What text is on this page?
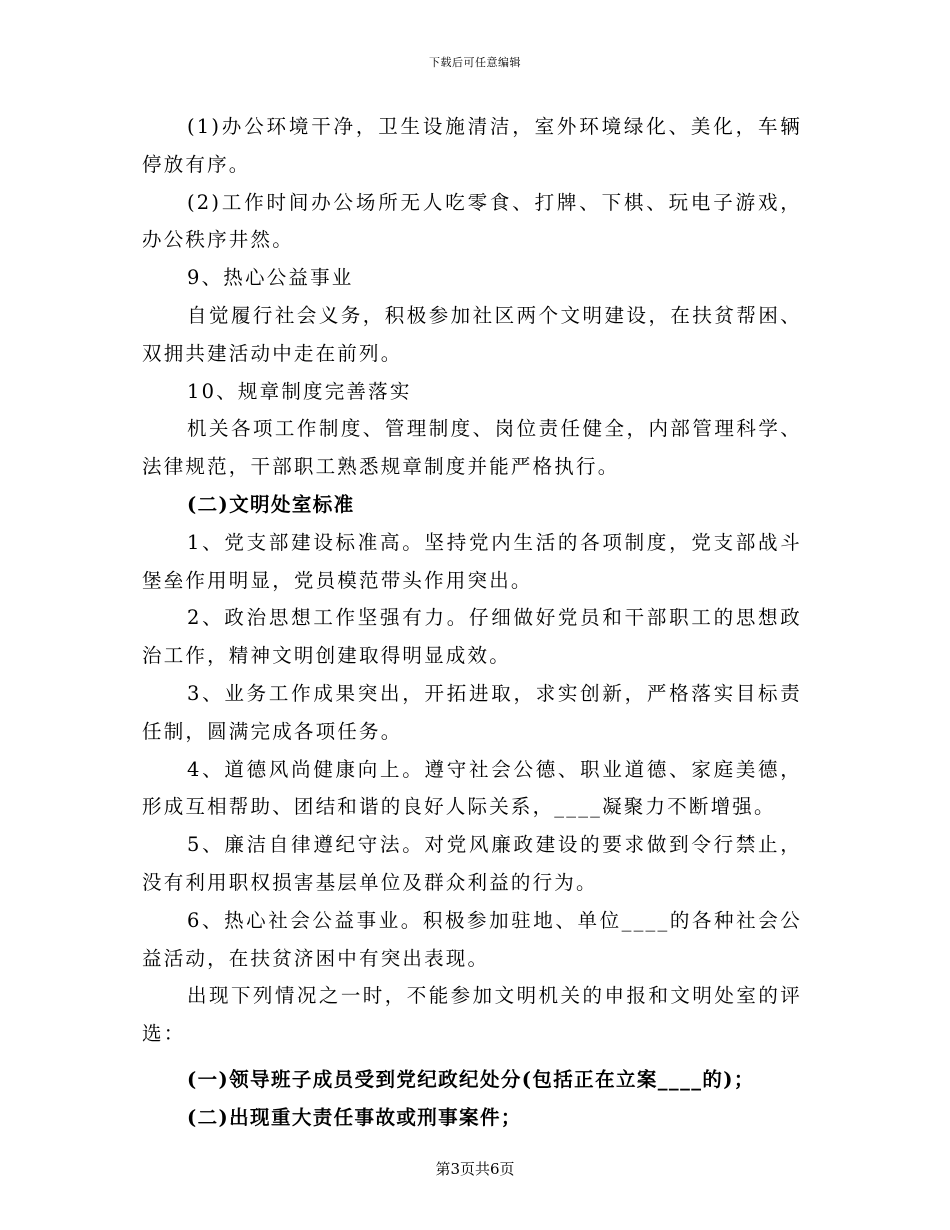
下载后可任意编辑

(1)办公环境干净，卫生设施清洁，室外环境绿化、美化，车辆停放有序。

(2)工作时间办公场所无人吃零食、打牌、下棋、玩电子游戏，办公秩序井然。

9、热心公益事业

自觉履行社会义务，积极参加社区两个文明建设，在扶贫帮困、双拥共建活动中走在前列。

10、规章制度完善落实

机关各项工作制度、管理制度、岗位责任健全，内部管理科学、法律规范，干部职工熟悉规章制度并能严格执行。

(二)文明处室标准

1、党支部建设标准高。坚持党内生活的各项制度，党支部战斗堡垒作用明显，党员模范带头作用突出。

2、政治思想工作坚强有力。仔细做好党员和干部职工的思想政治工作，精神文明创建取得明显成效。

3、业务工作成果突出，开拓进取，求实创新，严格落实目标责任制，圆满完成各项任务。

4、道德风尚健康向上。遵守社会公德、职业道德、家庭美德，形成互相帮助、团结和谐的良好人际关系，____凝聚力不断增强。

5、廉洁自律遵纪守法。对党风廉政建设的要求做到令行禁止，没有利用职权损害基层单位及群众利益的行为。

6、热心社会公益事业。积极参加驻地、单位____的各种社会公益活动，在扶贫济困中有突出表现。

出现下列情况之一时，不能参加文明机关的申报和文明处室的评选：

(一)领导班子成员受到党纪政纪处分(包括正在立案____的)；

(二)出现重大责任事故或刑事案件；

第3页共6页
